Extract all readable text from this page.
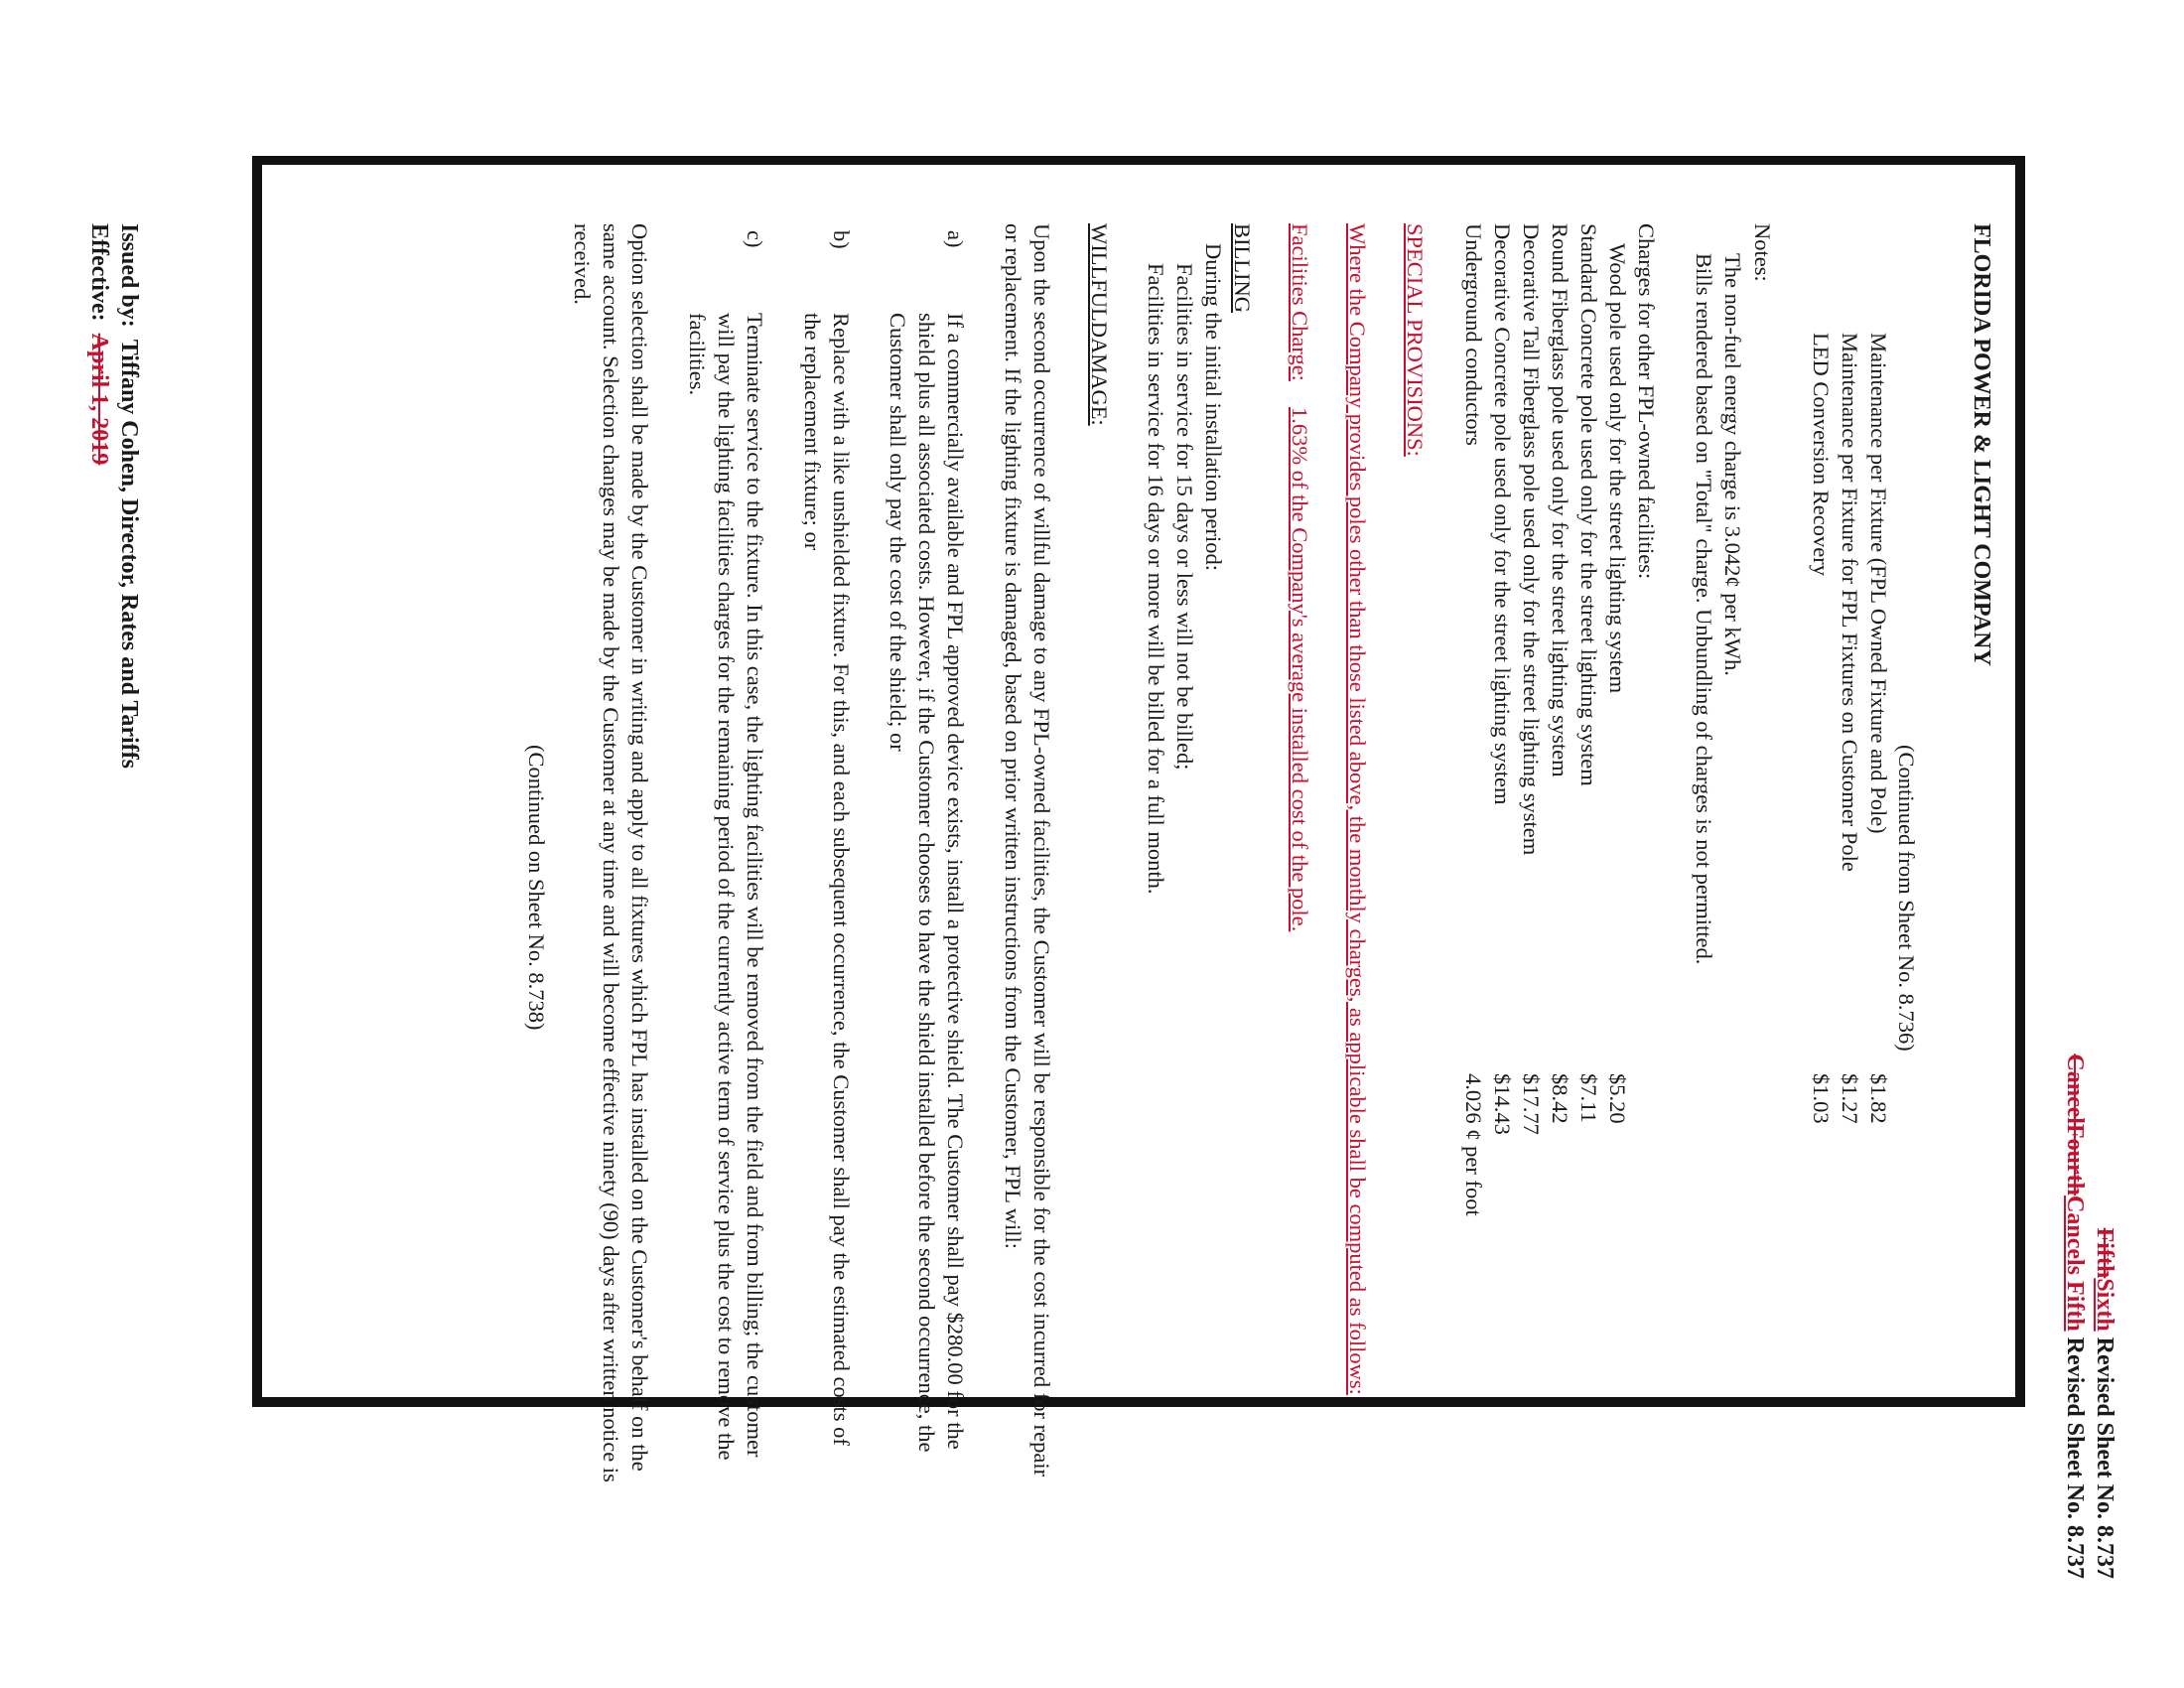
FifthSixth Revised Sheet No. 8.737
CancelFourthCancels Fifth Revised Sheet No. 8.737
FLORIDA POWER & LIGHT COMPANY
(Continued from Sheet No. 8.736)
Maintenance per Fixture (FPL Owned Fixture and Pole)
$1.82
Maintenance per Fixture for FPL Fixtures on Customer Pole
$1.27
LED Conversion Recovery
$1.03
Notes:
The non-fuel energy charge is 3.042¢ per kWh.
Bills rendered based on "Total" charge. Unbundling of charges is not permitted.
Charges for other FPL-owned facilities:
Wood pole used only for the street lighting system
$5.20
Standard Concrete pole used only for the street lighting system
$7.11
Round Fiberglass pole used only for the street lighting system
$8.42
Decorative Tall Fiberglass pole used only for the street lighting system
$17.77
Decorative Concrete pole used only for the street lighting system
$14.43
Underground conductors
4.026 ¢ per foot
SPECIAL PROVISIONS:
Where the Company provides poles other than those listed above, the monthly charges, as applicable shall be computed as follows:
Facilities Charge:
1.63% of the Company's average installed cost of the pole.
BILLING
During the initial installation period:
Facilities in service for 15 days or less will not be billed;
Facilities in service for 16 days or more will be billed for a full month.
WILLFULDAMAGE:
Upon the second occurrence of willful damage to any FPL-owned facilities, the Customer will be responsible for the cost incurred for repair
or replacement. If the lighting fixture is damaged, based on prior written instructions from the Customer, FPL will:
a)
If a commercially available and FPL approved device exists, install a protective shield. The Customer shall pay $280.00 for the
shield plus all associated costs. However, if the Customer chooses to have the shield installed before the second occurrence, the
Customer shall only pay the cost of the shield; or
b)
Replace with a like unshielded fixture. For this, and each subsequent occurrence, the Customer shall pay the estimated costs of
the replacement fixture; or
c)
Terminate service to the fixture. In this case, the lighting facilities will be removed from the field and from billing; the customer
will pay the lighting facilities charges for the remaining period of the currently active term of service plus the cost to remove the
facilities.
Option selection shall be made by the Customer in writing and apply to all fixtures which FPL has installed on the Customer's behalf on the
same account. Selection changes may be made by the Customer at any time and will become effective ninety (90) days after written notice is
received.
(Continued on Sheet No. 8.738)
Issued by:  Tiffany Cohen, Director, Rates and Tariffs
Effective:  April 1, 2019
